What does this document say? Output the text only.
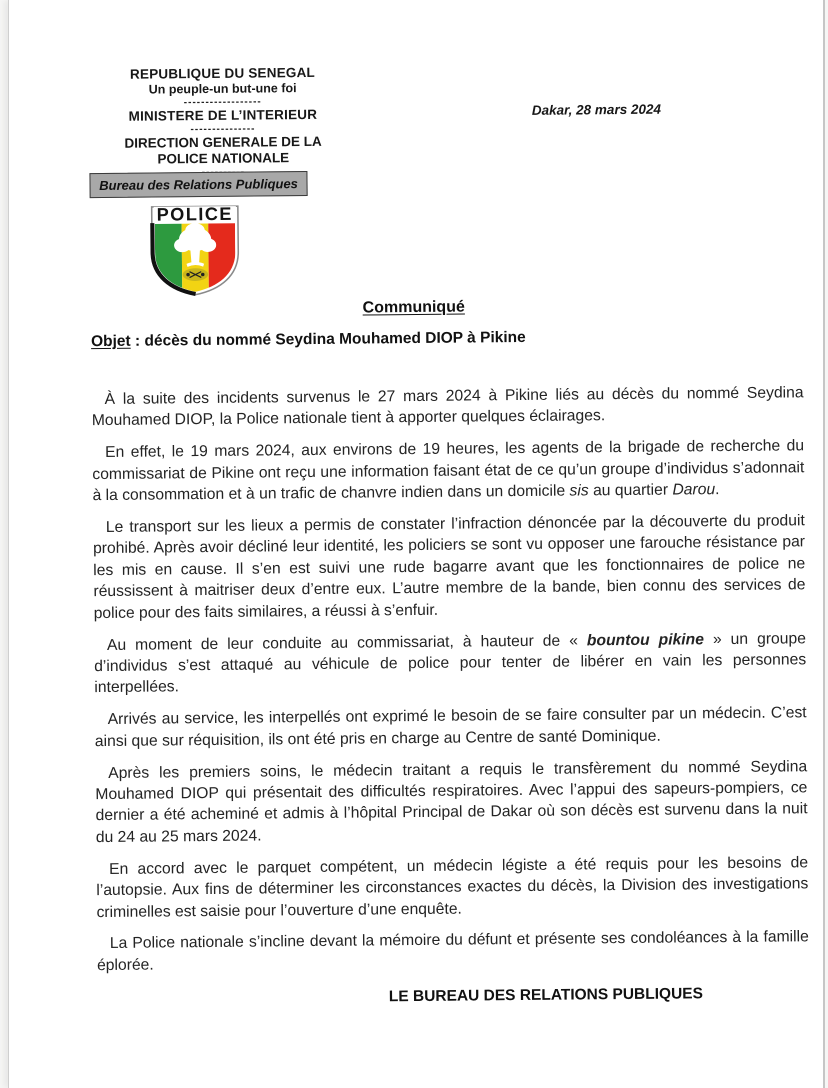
REPUBLIQUE DU SENEGAL
Un peuple-un but-une foi
------------------
MINISTERE DE L’INTERIEUR
---------------
DIRECTION GENERALE DE LA
POLICE NATIONALE
Dakar, 28 mars 2024
Bureau des Relations Publiques
POLICE
Communiqué
Objet : décès du nommé Seydina Mouhamed DIOP à Pikine

À la suite des incidents survenus le 27 mars 2024 à Pikine liés au décès du nommé Seydina Mouhamed DIOP, la Police nationale tient à apporter quelques éclairages.

En effet, le 19 mars 2024, aux environs de 19 heures, les agents de la brigade de recherche du commissariat de Pikine ont reçu une information faisant état de ce qu’un groupe d’individus s’adonnait à la consommation et à un trafic de chanvre indien dans un domicile sis au quartier Darou.

Le transport sur les lieux a permis de constater l’infraction dénoncée par la découverte du produit prohibé. Après avoir décliné leur identité, les policiers se sont vu opposer une farouche résistance par les mis en cause. Il s’en est suivi une rude bagarre avant que les fonctionnaires de police ne réussissent à maitriser deux d’entre eux. L’autre membre de la bande, bien connu des services de police pour des faits similaires, a réussi à s’enfuir.

Au moment de leur conduite au commissariat, à hauteur de « bountou pikine » un groupe d’individus s’est attaqué au véhicule de police pour tenter de libérer en vain les personnes interpellées.

Arrivés au service, les interpellés ont exprimé le besoin de se faire consulter par un médecin. C’est ainsi que sur réquisition, ils ont été pris en charge au Centre de santé Dominique.

Après les premiers soins, le médecin traitant a requis le transfèrement du nommé Seydina Mouhamed DIOP qui présentait des difficultés respiratoires. Avec l’appui des sapeurs-pompiers, ce dernier a été acheminé et admis à l’hôpital Principal de Dakar où son décès est survenu dans la nuit du 24 au 25 mars 2024.

En accord avec le parquet compétent, un médecin légiste a été requis pour les besoins de l’autopsie. Aux fins de déterminer les circonstances exactes du décès, la Division des investigations criminelles est saisie pour l’ouverture d’une enquête.

La Police nationale s’incline devant la mémoire du défunt et présente ses condoléances à la famille éplorée.

LE BUREAU DES RELATIONS PUBLIQUES
